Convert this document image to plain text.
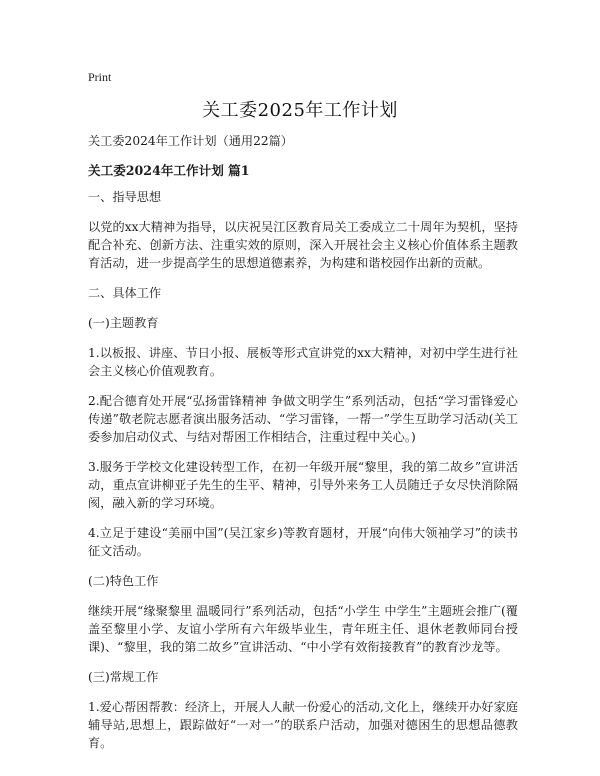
Print
关工委2025年工作计划

关工委2024年工作计划（通用22篇）

关工委2024年工作计划 篇1

一、指导思想

以党的xx大精神为指导，以庆祝吴江区教育局关工委成立二十周年为契机，坚持配合补充、创新方法、注重实效的原则，深入开展社会主义核心价值体系主题教育活动，进一步提高学生的思想道德素养，为构建和谐校园作出新的贡献。

二、具体工作

(一)主题教育

1.以板报、讲座、节日小报、展板等形式宣讲党的xx大精神，对初中学生进行社会主义核心价值观教育。

2.配合德育处开展“弘扬雷锋精神 争做文明学生”系列活动，包括“学习雷锋爱心传递”敬老院志愿者演出服务活动、“学习雷锋，一帮一”学生互助学习活动(关工委参加启动仪式、与结对帮困工作相结合，注重过程中关心。)

3.服务于学校文化建设转型工作，在初一年级开展“黎里，我的第二故乡”宣讲活动，重点宣讲柳亚子先生的生平、精神，引导外来务工人员随迁子女尽快消除隔阂，融入新的学习环境。

4.立足于建设“美丽中国”(吴江家乡)等教育题材，开展“向伟大领袖学习”的读书征文活动。

(二)特色工作

继续开展“缘聚黎里 温暖同行”系列活动，包括“小学生 中学生”主题班会推广(覆盖至黎里小学、友谊小学所有六年级毕业生，青年班主任、退休老教师同台授课)、“黎里，我的第二故乡”宣讲活动、“中小学有效衔接教育”的教育沙龙等。

(三)常规工作

1.爱心帮困帮教：经济上，开展人人献一份爱心的活动,文化上，继续开办好家庭辅导站,思想上，跟踪做好“一对一”的联系户活动，加强对德困生的思想品德教育。
